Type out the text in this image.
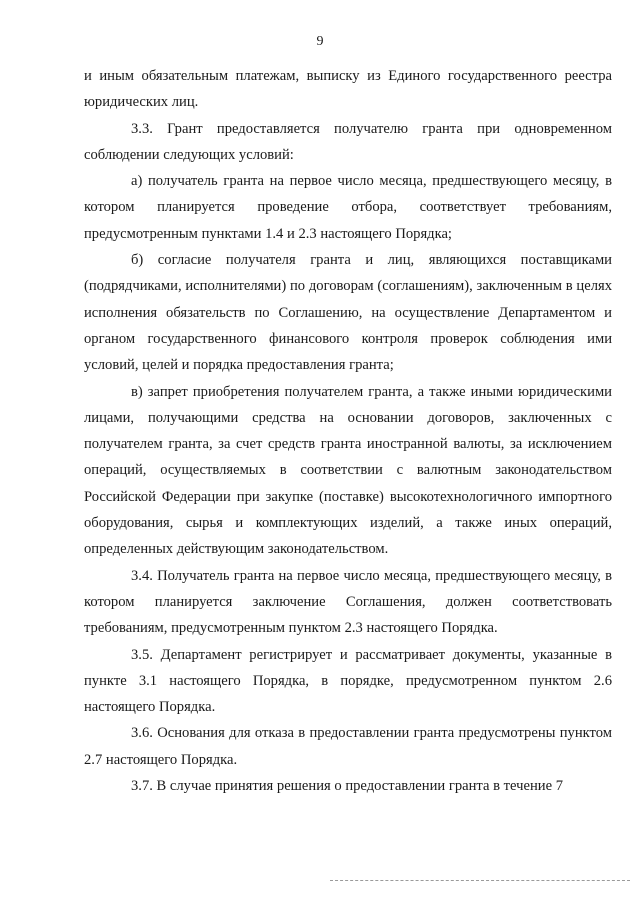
9

и иным обязательным платежам, выписку из Единого государственного реестра юридических лиц.

3.3. Грант предоставляется получателю гранта при одновременном соблюдении следующих условий:

а) получатель гранта на первое число месяца, предшествующего месяцу, в котором планируется проведение отбора, соответствует требованиям, предусмотренным пунктами 1.4 и 2.3 настоящего Порядка;

б) согласие получателя гранта и лиц, являющихся поставщиками (подрядчиками, исполнителями) по договорам (соглашениям), заключенным в целях исполнения обязательств по Соглашению, на осуществление Департаментом и органом государственного финансового контроля проверок соблюдения ими условий, целей и порядка предоставления гранта;

в) запрет приобретения получателем гранта, а также иными юридическими лицами, получающими средства на основании договоров, заключенных с получателем гранта, за счет средств гранта иностранной валюты, за исключением операций, осуществляемых в соответствии с валютным законодательством Российской Федерации при закупке (поставке) высокотехнологичного импортного оборудования, сырья и комплектующих изделий, а также иных операций, определенных действующим законодательством.

3.4. Получатель гранта на первое число месяца, предшествующего месяцу, в котором планируется заключение Соглашения, должен соответствовать требованиям, предусмотренным пунктом 2.3 настоящего Порядка.

3.5. Департамент регистрирует и рассматривает документы, указанные в пункте 3.1 настоящего Порядка, в порядке, предусмотренном пунктом 2.6 настоящего Порядка.

3.6. Основания для отказа в предоставлении гранта предусмотрены пунктом 2.7 настоящего Порядка.

3.7. В случае принятия решения о предоставлении гранта в течение 7
